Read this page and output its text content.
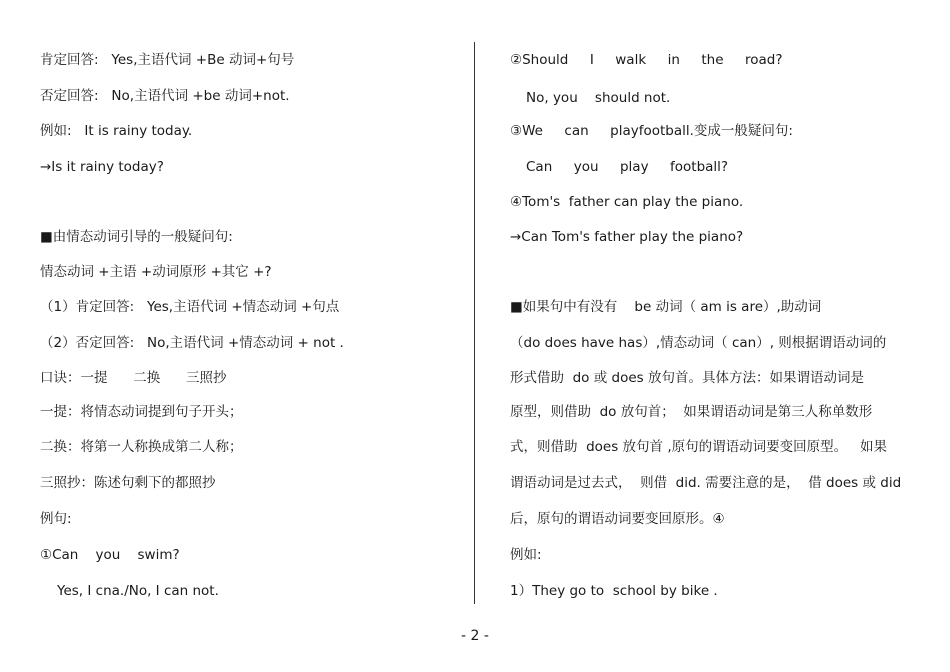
肯定回答:   Yes,主语代词 +Be 动词+句号
否定回答:   No,主语代词 +be 动词+not.
例如:   It is rainy today.
→Is it rainy today?
■由情态动词引导的一般疑问句:
情态动词 +主语 +动词原形 +其它 +?
（1）肯定回答:   Yes,主语代词 +情态动词 +句点
（2）否定回答:   No,主语代词 +情态动词 + not .
口诀：一提      二换      三照抄
一提：将情态动词提到句子开头；
二换：将第一人称换成第二人称；
三照抄：陈述句剩下的都照抄
例句:
①Can    you    swim?
Yes, I cna./No, I can not.
②Should     I     walk     in     the     road?
No, you    should not.
③We     can     playfootball.变成一般疑问句:
Can     you     play     football?
④Tom's  father can play the piano.
→Can Tom's father play the piano?
■如果句中有没有    be 动词（ am is are）,助动词
（do does have has）,情态动词（ can）, 则根据谓语动词的
形式借助  do 或 does 放句首。具体方法：如果谓语动词是
原型，则借助  do 放句首；  如果谓语动词是第三人称单数形
式，则借助  does 放句首 ,原句的谓语动词要变回原型。   如果
谓语动词是过去式，  则借  did. 需要注意的是，  借 does 或 did
后，原句的谓语动词要变回原形。④
例如:
1）They go to  school by bike .
- 2 -
